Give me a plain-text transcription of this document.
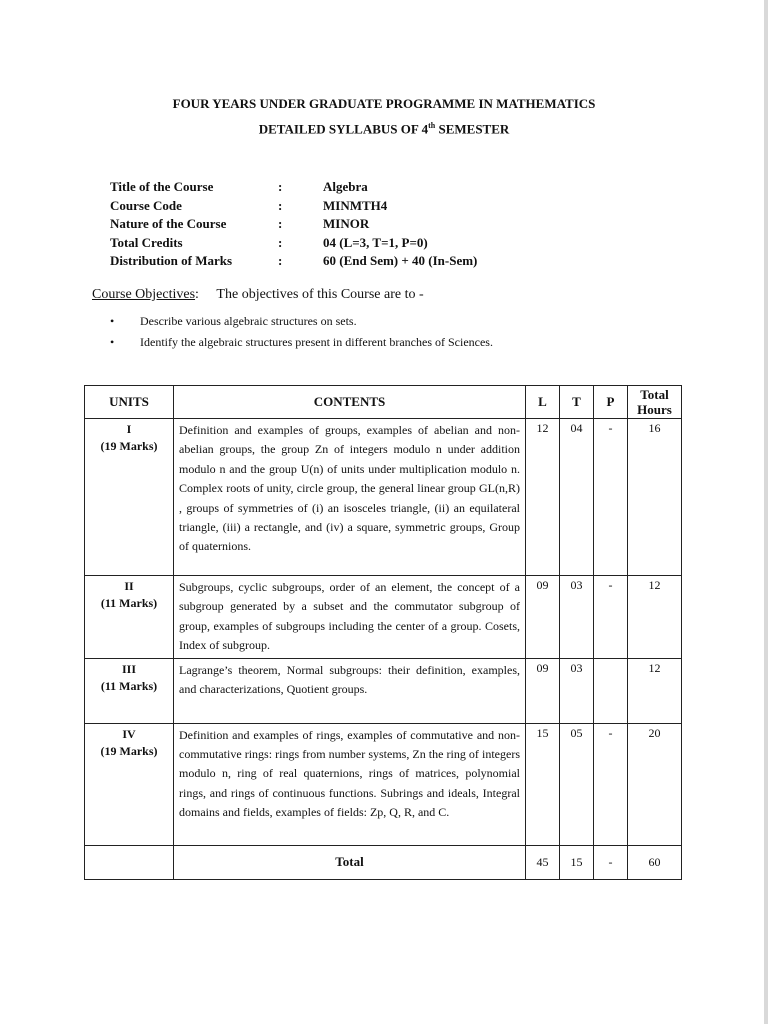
FOUR YEARS UNDER GRADUATE PROGRAMME IN MATHEMATICS
DETAILED SYLLABUS OF 4th SEMESTER
Title of the Course	:	Algebra
Course Code	:	MINMTH4
Nature of the Course	:	MINOR
Total Credits	:	04 (L=3, T=1, P=0)
Distribution of Marks	:	60 (End Sem) + 40 (In-Sem)
Course Objectives: The objectives of this Course are to -
•	Describe various algebraic structures on sets.
•	Identify the algebraic structures present in different branches of Sciences.
UNITS	CONTENTS	L	T	P	Total Hours

I
(19 Marks)	Definition and examples of groups, examples of abelian and non-abelian groups, the group Zn of integers modulo n under addition modulo n and the group U(n) of units under multiplication modulo n. Complex roots of unity, circle group, the general linear group GL(n,R) , groups of symmetries of (i) an isosceles triangle, (ii) an equilateral triangle, (iii) a rectangle, and (iv) a square, symmetric groups, Group of quaternions.	12	04	-	16

II
(11 Marks)	Subgroups, cyclic subgroups, order of an element, the concept of a subgroup generated by a subset and the commutator subgroup of group, examples of subgroups including the center of a group. Cosets, Index of subgroup.	09	03	-	12

III
(11 Marks)	Lagrange’s theorem, Normal subgroups: their definition, examples, and characterizations, Quotient groups.	09	03		12

IV
(19 Marks)	Definition and examples of rings, examples of commutative and non-commutative rings: rings from number systems, Zn the ring of integers modulo n, ring of real quaternions, rings of matrices, polynomial rings, and rings of continuous functions. Subrings and ideals, Integral domains and fields, examples of fields: Zp, Q, R, and C.	15	05	-	20
	Total	45	15	-	60
